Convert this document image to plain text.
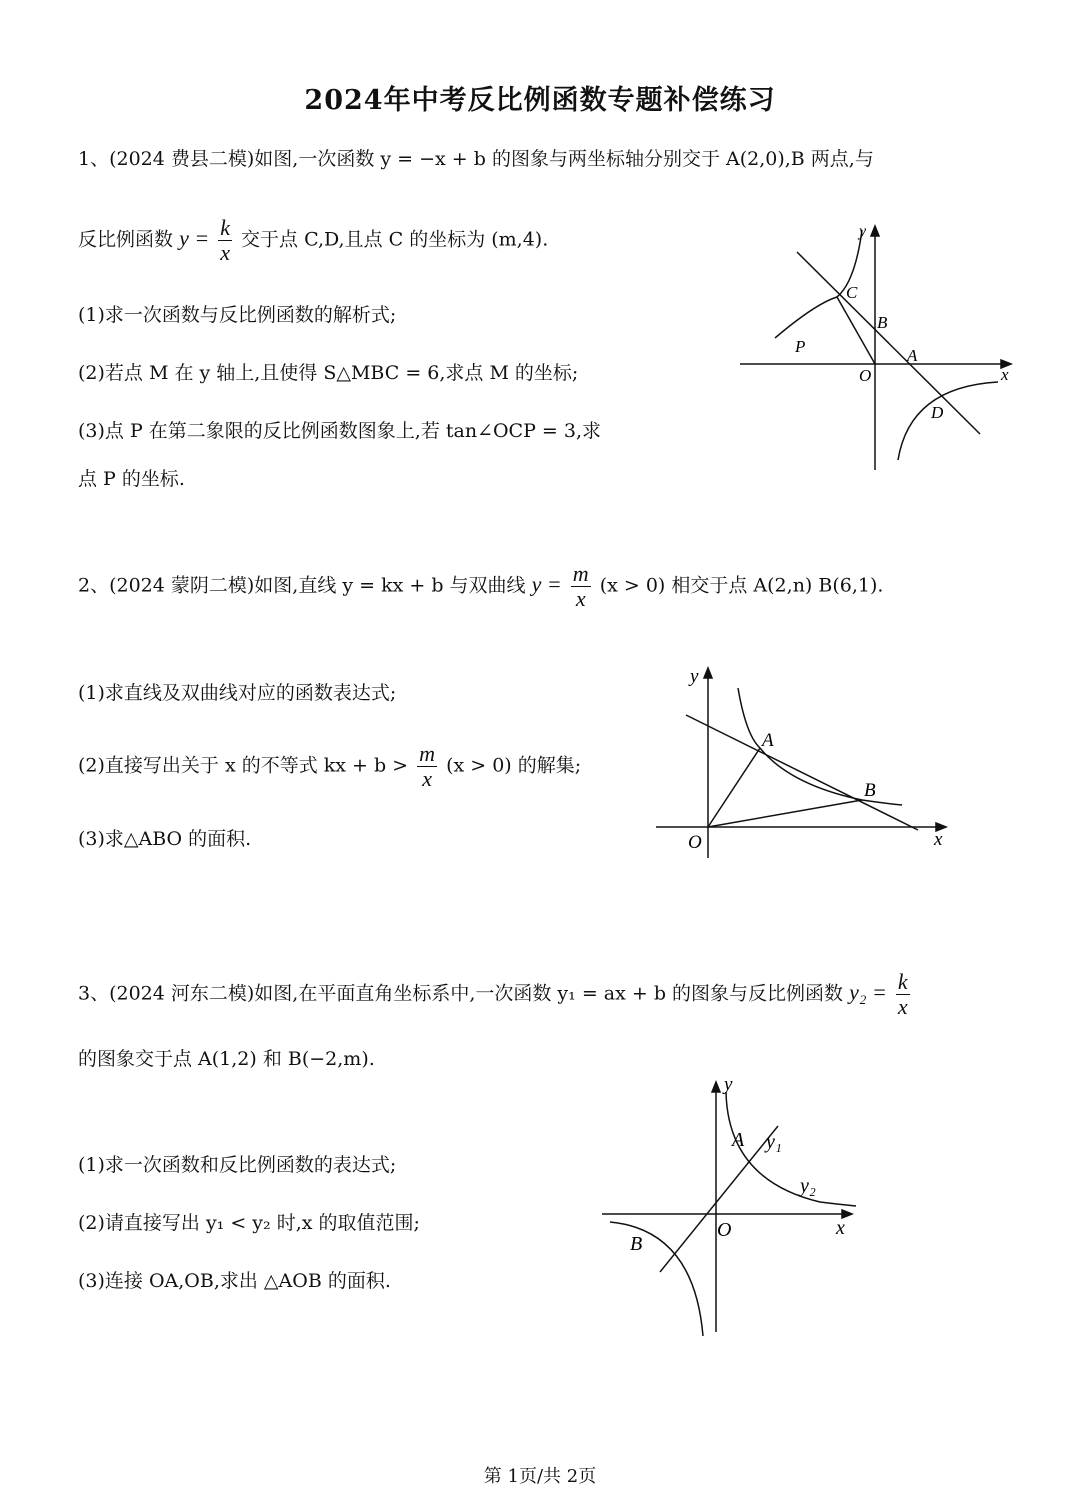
2024年中考反比例函数专题补偿练习
1、(2024 费县二模)如图,一次函数 y = −x + b 的图象与两坐标轴分别交于 A(2,0),B 两点,与
反比例函数 $y = \frac{k}{x}$ 交于点 C,D,且点 C 的坐标为 (m,4).
(1)求一次函数与反比例函数的解析式;
(2)若点 M 在 y 轴上,且使得 S△MBC = 6,求点 M 的坐标;
(3)点 P 在第二象限的反比例函数图象上,若 tan∠OCP = 3,求
点 P 的坐标.
y
x
O
A
B
C
D
P
2、(2024 蒙阴二模)如图,直线 y = kx + b 与双曲线 $y = \frac{m}{x} (x > 0)$ 相交于点 A(2,n) B(6,1).
(1)求直线及双曲线对应的函数表达式;
(2)直接写出关于 x 的不等式 kx + $b > \frac{m}{x} (x > 0)$ 的解集;
(3)求△ABO 的面积.
y
x
O
A
B
3、(2024 河东二模)如图,在平面直角坐标系中,一次函数 y₁ = ax + b 的图象与反比例函数 $y_2 = \frac{k}{x}$
的图象交于点 A(1,2) 和 B(−2,m).
(1)求一次函数和反比例函数的表达式;
(2)请直接写出 y₁ < y₂ 时,x 的取值范围;
(3)连接 OA,OB,求出 △AOB 的面积.
y
x
O
A y₁
y₂
B
第 1页/共 2页
